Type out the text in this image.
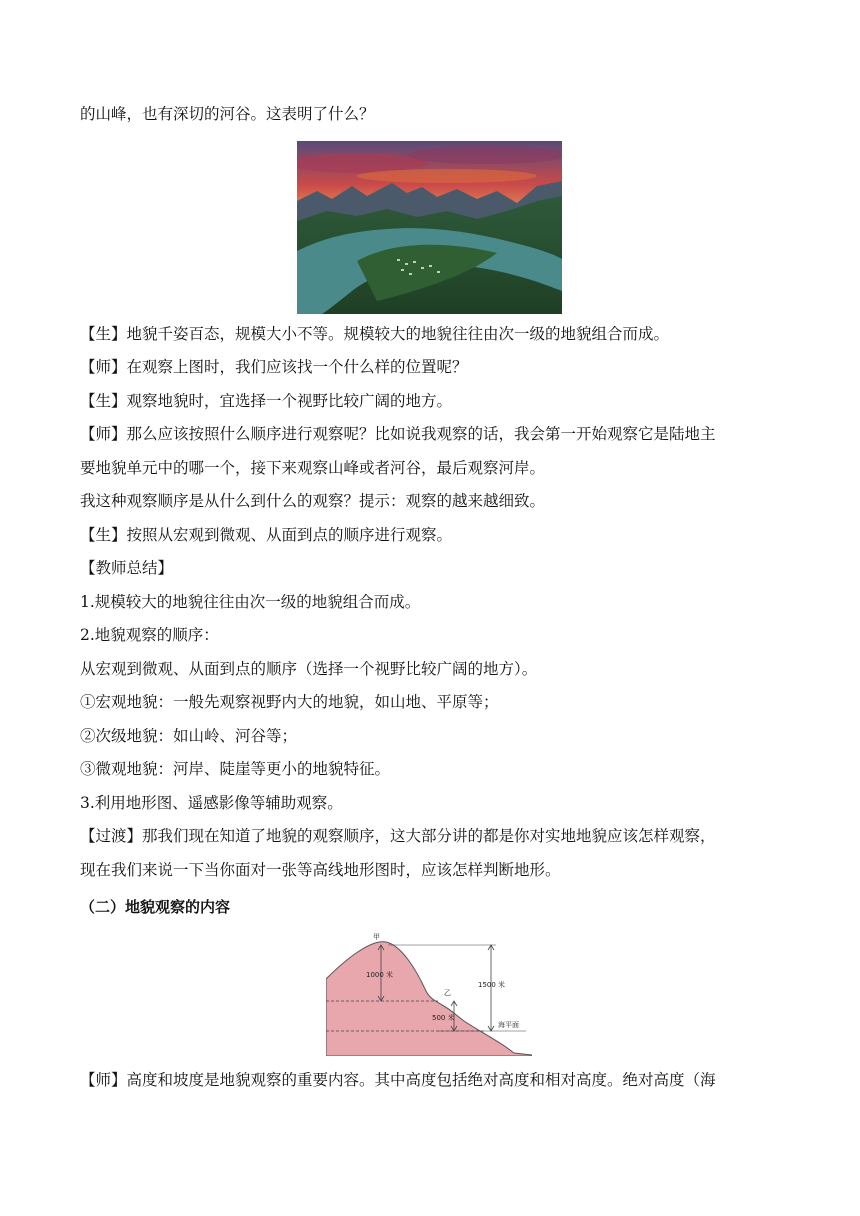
的山峰，也有深切的河谷。这表明了什么？
【生】地貌千姿百态，规模大小不等。规模较大的地貌往往由次一级的地貌组合而成。
【师】在观察上图时，我们应该找一个什么样的位置呢？
【生】观察地貌时，宜选择一个视野比较广阔的地方。
【师】那么应该按照什么顺序进行观察呢？比如说我观察的话，我会第一开始观察它是陆地主
要地貌单元中的哪一个，接下来观察山峰或者河谷，最后观察河岸。
我这种观察顺序是从什么到什么的观察？提示：观察的越来越细致。
【生】按照从宏观到微观、从面到点的顺序进行观察。
【教师总结】
1.规模较大的地貌往往由次一级的地貌组合而成。
2.地貌观察的顺序：
从宏观到微观、从面到点的顺序（选择一个视野比较广阔的地方）。
①宏观地貌：一般先观察视野内大的地貌，如山地、平原等；
②次级地貌：如山岭、河谷等；
③微观地貌：河岸、陡崖等更小的地貌特征。
3.利用地形图、遥感影像等辅助观察。
【过渡】那我们现在知道了地貌的观察顺序，这大部分讲的都是你对实地地貌应该怎样观察，
现在我们来说一下当你面对一张等高线地形图时，应该怎样判断地形。
（二）地貌观察的内容
甲
乙
1000 米
500 米
1500 米
海平面
【师】高度和坡度是地貌观察的重要内容。其中高度包括绝对高度和相对高度。绝对高度（海
